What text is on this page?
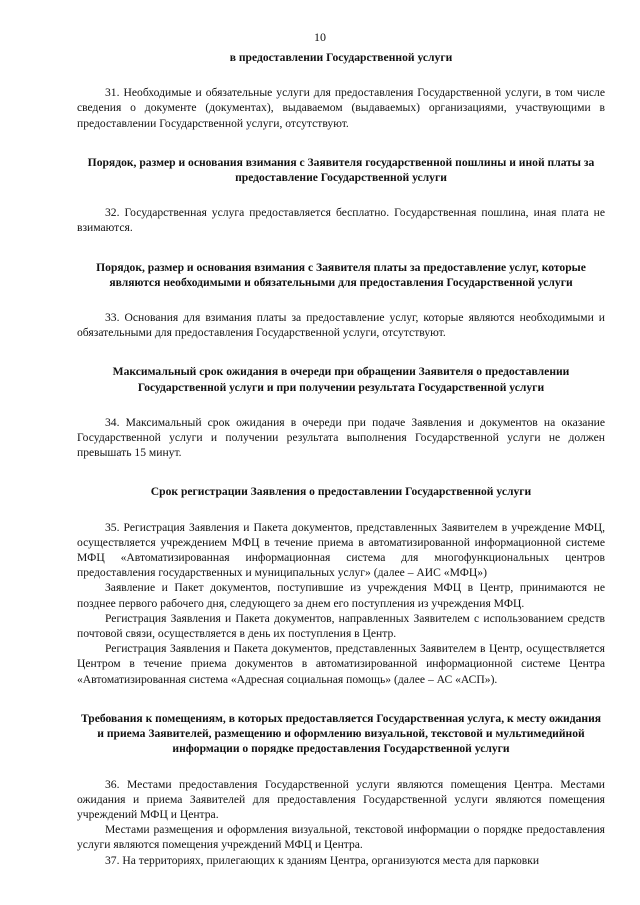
10

в предоставлении Государственной услуги

31. Необходимые и обязательные услуги для предоставления Государственной услуги, в том числе сведения о документе (документах), выдаваемом (выдаваемых) организациями, участвующими в предоставлении Государственной услуги, отсутствуют.

Порядок, размер и основания взимания с Заявителя государственной пошлины и иной платы за предоставление Государственной услуги

32. Государственная услуга предоставляется бесплатно. Государственная пошлина, иная плата не взимаются.

Порядок, размер и основания взимания с Заявителя платы за предоставление услуг, которые являются необходимыми и обязательными для предоставления Государственной услуги

33. Основания для взимания платы за предоставление услуг, которые являются необходимыми и обязательными для предоставления Государственной услуги, отсутствуют.

Максимальный срок ожидания в очереди при обращении Заявителя о предоставлении Государственной услуги и при получении результата Государственной услуги

34. Максимальный срок ожидания в очереди при подаче Заявления и документов на оказание Государственной услуги и получении результата выполнения Государственной услуги не должен превышать 15 минут.

Срок регистрации Заявления о предоставлении Государственной услуги

35. Регистрация Заявления и Пакета документов, представленных Заявителем в учреждение МФЦ, осуществляется учреждением МФЦ в течение приема в автоматизированной информационной системе МФЦ «Автоматизированная информационная система для многофункциональных центров предоставления государственных и муниципальных услуг» (далее – АИС «МФЦ»)

Заявление и Пакет документов, поступившие из учреждения МФЦ в Центр, принимаются не позднее первого рабочего дня, следующего за днем его поступления из учреждения МФЦ.

Регистрация Заявления и Пакета документов, направленных Заявителем с использованием средств почтовой связи, осуществляется в день их поступления в Центр.

Регистрация Заявления и Пакета документов, представленных Заявителем в Центр, осуществляется Центром в течение приема документов в автоматизированной информационной системе Центра «Автоматизированная система «Адресная социальная помощь» (далее – АС «АСП»).

Требования к помещениям, в которых предоставляется Государственная услуга, к месту ожидания и приема Заявителей, размещению и оформлению визуальной, текстовой и мультимедийной информации о порядке предоставления Государственной услуги

36. Местами предоставления Государственной услуги являются помещения Центра. Местами ожидания и приема Заявителей для предоставления Государственной услуги являются помещения учреждений МФЦ и Центра.

Местами размещения и оформления визуальной, текстовой информации о порядке предоставления услуги являются помещения учреждений МФЦ и Центра.

37. На территориях, прилегающих к зданиям Центра, организуются места для парковки
